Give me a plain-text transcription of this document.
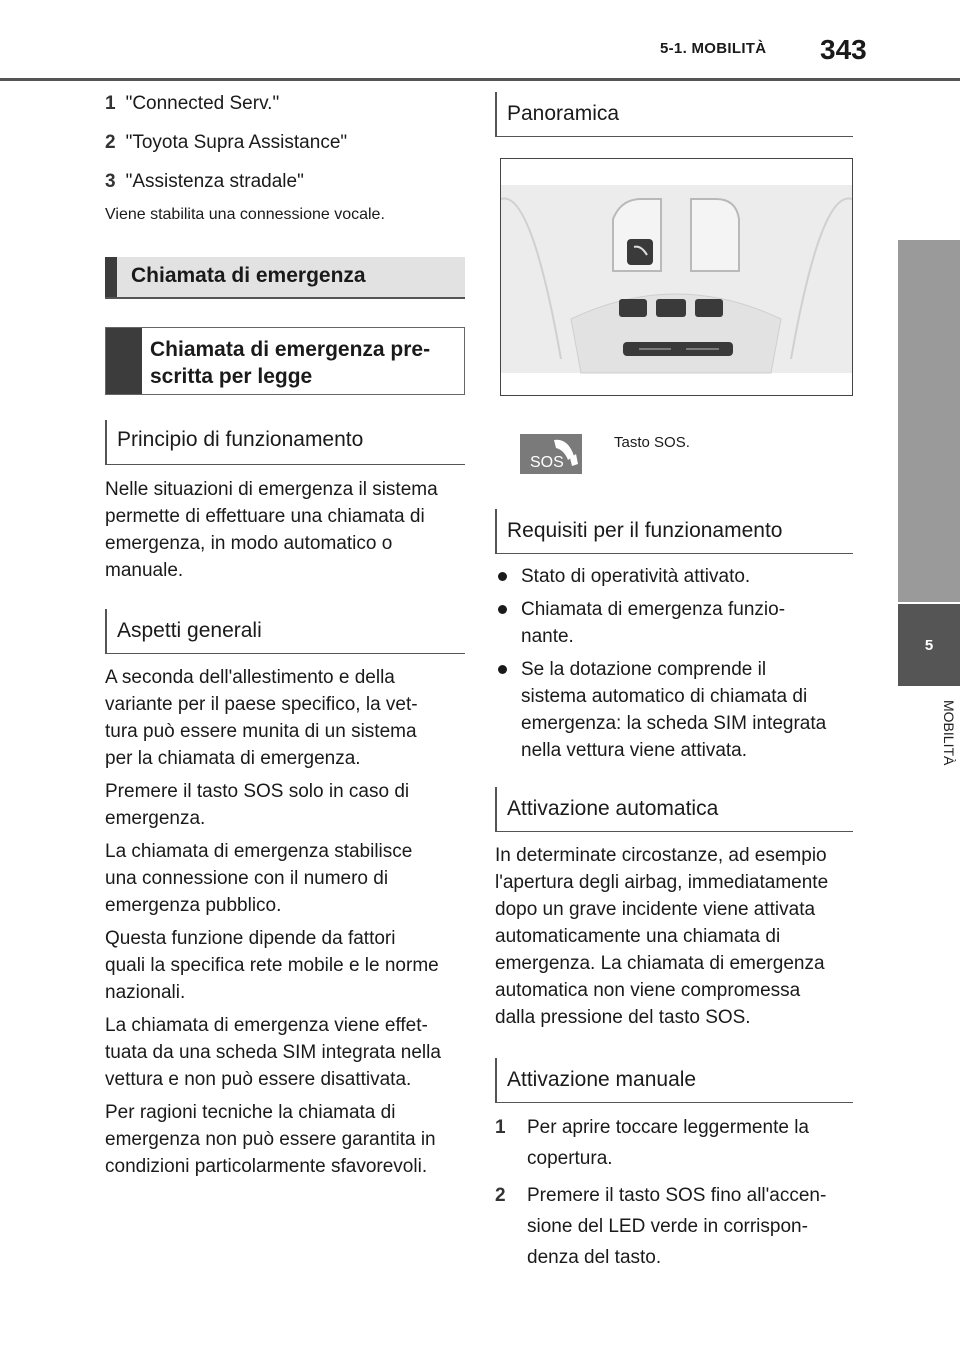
5-1. MOBILITÀ 343
5
MOBILITÀ
1 "Connected Serv."
2 "Toyota Supra Assistance"
3 "Assistenza stradale"
Viene stabilita una connessione vocale.
Chiamata di emergenza
Chiamata di emergenza pre-
scritta per legge
Principio di funzionamento
Nelle situazioni di emergenza il sistema
permette di effettuare una chiamata di
emergenza, in modo automatico o
manuale.
Aspetti generali
A seconda dell'allestimento e della
variante per il paese specifico, la vet-
tura può essere munita di un sistema
per la chiamata di emergenza.
Premere il tasto SOS solo in caso di
emergenza.
La chiamata di emergenza stabilisce
una connessione con il numero di
emergenza pubblico.
Questa funzione dipende da fattori
quali la specifica rete mobile e le norme
nazionali.
La chiamata di emergenza viene effet-
tuata da una scheda SIM integrata nella
vettura e non può essere disattivata.
Per ragioni tecniche la chiamata di
emergenza non può essere garantita in
condizioni particolarmente sfavorevoli.
Panoramica
SOS
Tasto SOS.
Requisiti per il funzionamento
Stato di operatività attivato.
Chiamata di emergenza funzio-
nante.
Se la dotazione comprende il
sistema automatico di chiamata di
emergenza: la scheda SIM integrata
nella vettura viene attivata.
Attivazione automatica
In determinate circostanze, ad esempio
l'apertura degli airbag, immediatamente
dopo un grave incidente viene attivata
automaticamente una chiamata di
emergenza. La chiamata di emergenza
automatica non viene compromessa
dalla pressione del tasto SOS.
Attivazione manuale
1	Per aprire toccare leggermente la
copertura.
2	Premere il tasto SOS fino all'accen-
sione del LED verde in corrispon-
denza del tasto.
